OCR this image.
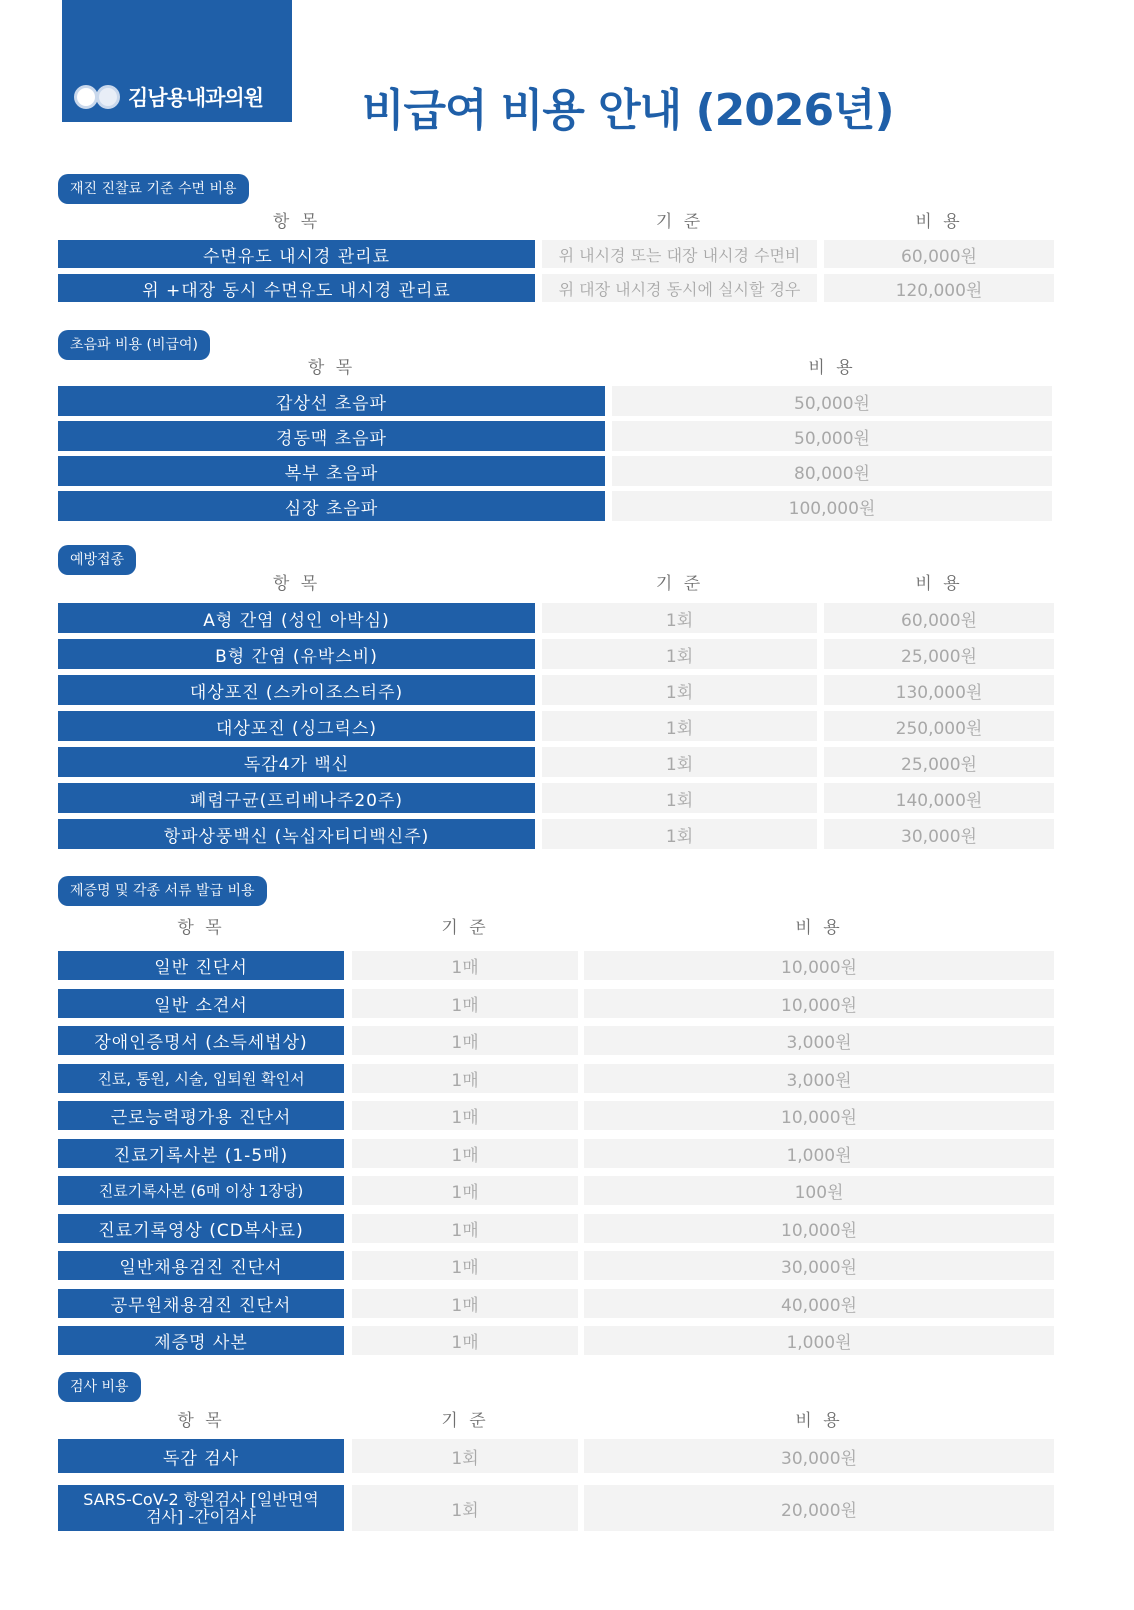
김남용내과의원 비급여 비용 안내 (2026년)
재진 진찰료 기준 수면 비용
항 목	기 준	비 용
수면유도 내시경 관리료	위 내시경 또는 대장 내시경 수면비	60,000원
위 +대장 동시 수면유도 내시경 관리료	위 대장 내시경 동시에 실시할 경우	120,000원
초음파 비용 (비급여)
항 목	비 용
갑상선 초음파	50,000원
경동맥 초음파	50,000원
복부 초음파	80,000원
심장 초음파	100,000원
예방접종
항 목	기 준	비 용
A형 간염 (성인 아박심)	1회	60,000원
B형 간염 (유박스비)	1회	25,000원
대상포진 (스카이조스터주)	1회	130,000원
대상포진 (싱그릭스)	1회	250,000원
독감4가 백신	1회	25,000원
폐렴구균(프리베나주20주)	1회	140,000원
항파상풍백신 (녹십자티디백신주)	1회	30,000원
제증명 및 각종 서류 발급 비용
항 목	기 준	비 용
일반 진단서	1매	10,000원
일반 소견서	1매	10,000원
장애인증명서 (소득세법상)	1매	3,000원
진료, 통원, 시술, 입퇴원 확인서	1매	3,000원
근로능력평가용 진단서	1매	10,000원
진료기록사본 (1-5매)	1매	1,000원
진료기록사본 (6매 이상 1장당)	1매	100원
진료기록영상 (CD복사료)	1매	10,000원
일반채용검진 진단서	1매	30,000원
공무원채용검진 진단서	1매	40,000원
제증명 사본	1매	1,000원
검사 비용
항 목	기 준	비 용
독감 검사	1회	30,000원
SARS-CoV-2 항원검사 [일반면역검사] -간이검사	1회	20,000원
